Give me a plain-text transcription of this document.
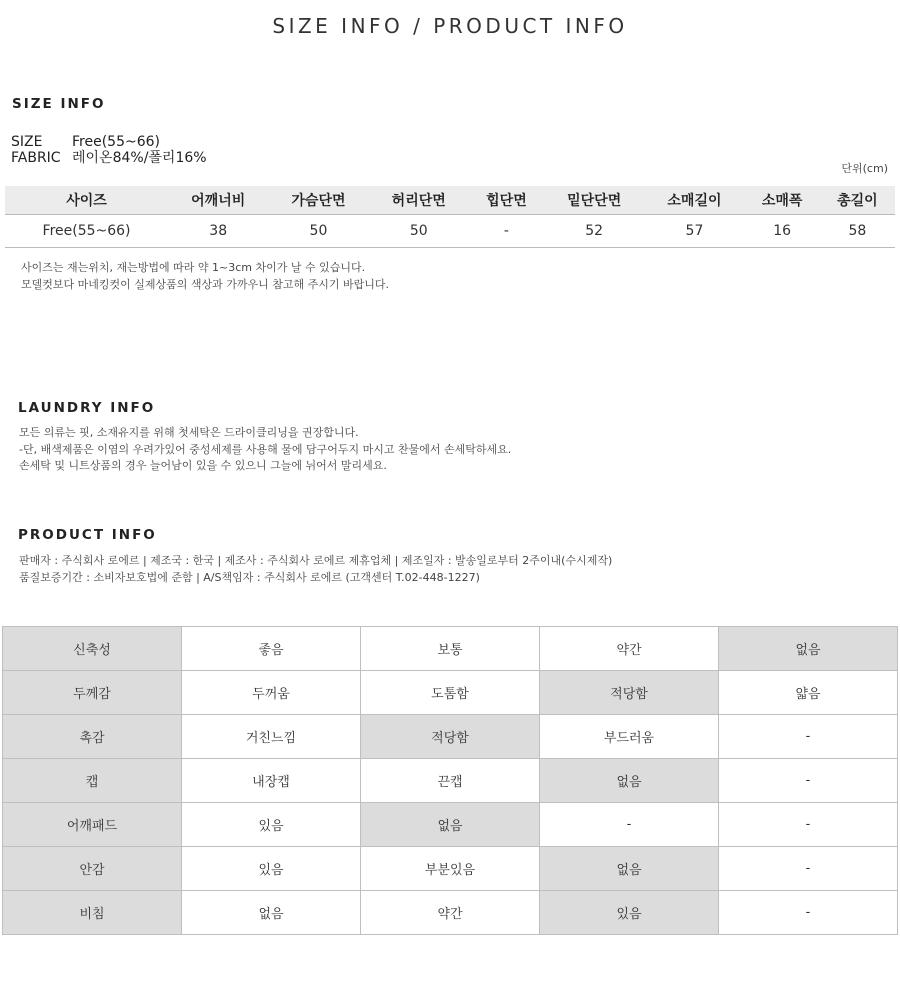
SIZE INFO / PRODUCT INFO
SIZE INFO
SIZE Free(55~66)
FABRIC 레이온84%/폴리16%
단위(cm)
사이즈	어깨너비	가슴단면	허리단면	힙단면	밑단단면	소매길이	소매폭	총길이
Free(55~66)	38	50	50	-	52	57	16	58
사이즈는 재는위치, 재는방법에 따라 약 1~3cm 차이가 날 수 있습니다.
모델컷보다 마네킹컷이 실제상품의 색상과 가까우니 참고해 주시기 바랍니다.
LAUNDRY INFO
모든 의류는 핏, 소재유지를 위해 첫세탁은 드라이클리닝을 권장합니다.
-단, 배색제품은 이염의 우려가있어 중성세제를 사용해 물에 담구어두지 마시고 찬물에서 손세탁하세요.
손세탁 및 니트상품의 경우 늘어남이 있을 수 있으니 그늘에 뉘어서 말리세요.
PRODUCT INFO
판매자 : 주식회사 로에르 | 제조국 : 한국 | 제조사 : 주식회사 로에르 제휴업체 | 제조일자 : 발송일로부터 2주이내(수시제작)
품질보증기간 : 소비자보호법에 준함 | A/S책임자 : 주식회사 로에르 (고객센터 T.02-448-1227)
신축성	좋음	보통	약간	없음
두께감	두꺼움	도톰함	적당함	얇음
촉감	거친느낌	적당함	부드러움	-
캡	내장캡	끈캡	없음	-
어깨패드	있음	없음	-	-
안감	있음	부분있음	없음	-
비침	없음	약간	있음	-
